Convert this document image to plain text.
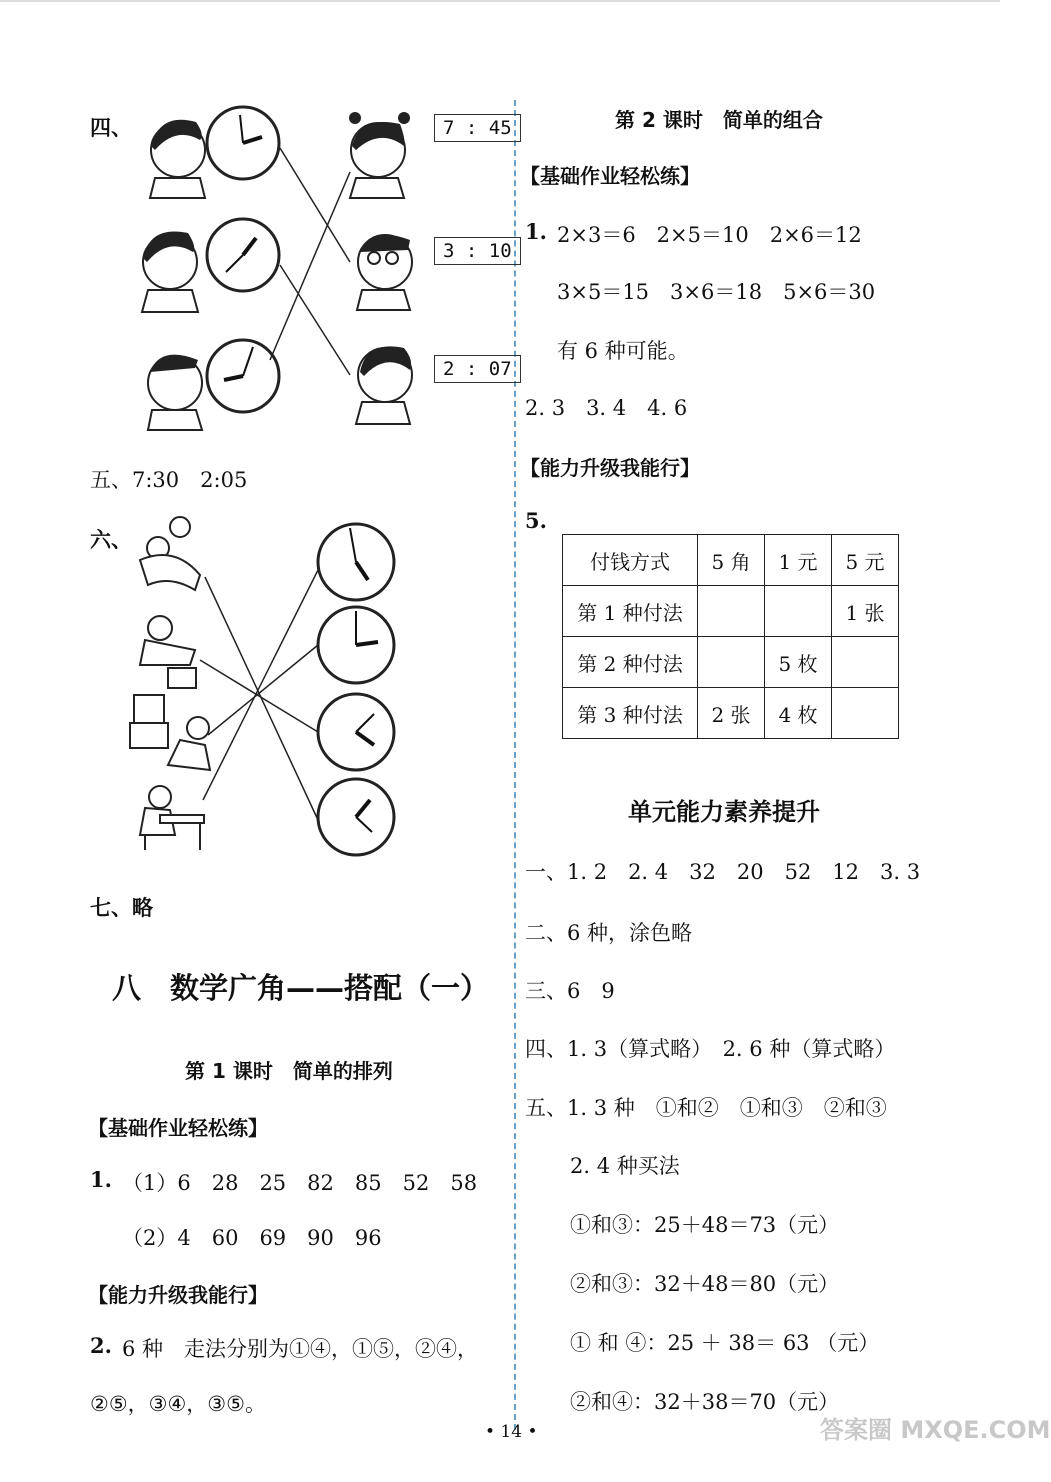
四、	7 : 45
3 : 10
2 : 07
五、7:30　2:05
六、
七、略
八　数学广角——搭配（一）
第 1 课时　简单的排列
【基础作业轻松练】
1. （1）6　28　25　82　85　52　58
（2）4　60　69　90　96
【能力升级我能行】
2. 6 种　走法分别为①④，①⑤，②④，
②⑤，③④，③⑤。
第 2 课时　简单的组合
【基础作业轻松练】
1. 2×3＝6　2×5＝10　2×6＝12
3×5＝15　3×6＝18　5×6＝30
有 6 种可能。
2. 3　3. 4　4. 6
【能力升级我能行】
5.
付钱方式	5 角	1 元	5 元
第 1 种付法			1 张
第 2 种付法		5 枚	
第 3 种付法	2 张	4 枚	
单元能力素养提升
一、1. 2　2. 4　32　20　52　12　3. 3
二、6 种，涂色略
三、6　9
四、1. 3（算式略）　2. 6 种（算式略）
五、1. 3 种　①和②　①和③　②和③
2. 4 种买法
①和③：25＋48＝73（元）
②和③：32＋48＝80（元）
① 和 ④：25 ＋ 38＝ 63 （元）
②和④：32＋38＝70（元）
• 14 •	答案圈 MXQE.COM
